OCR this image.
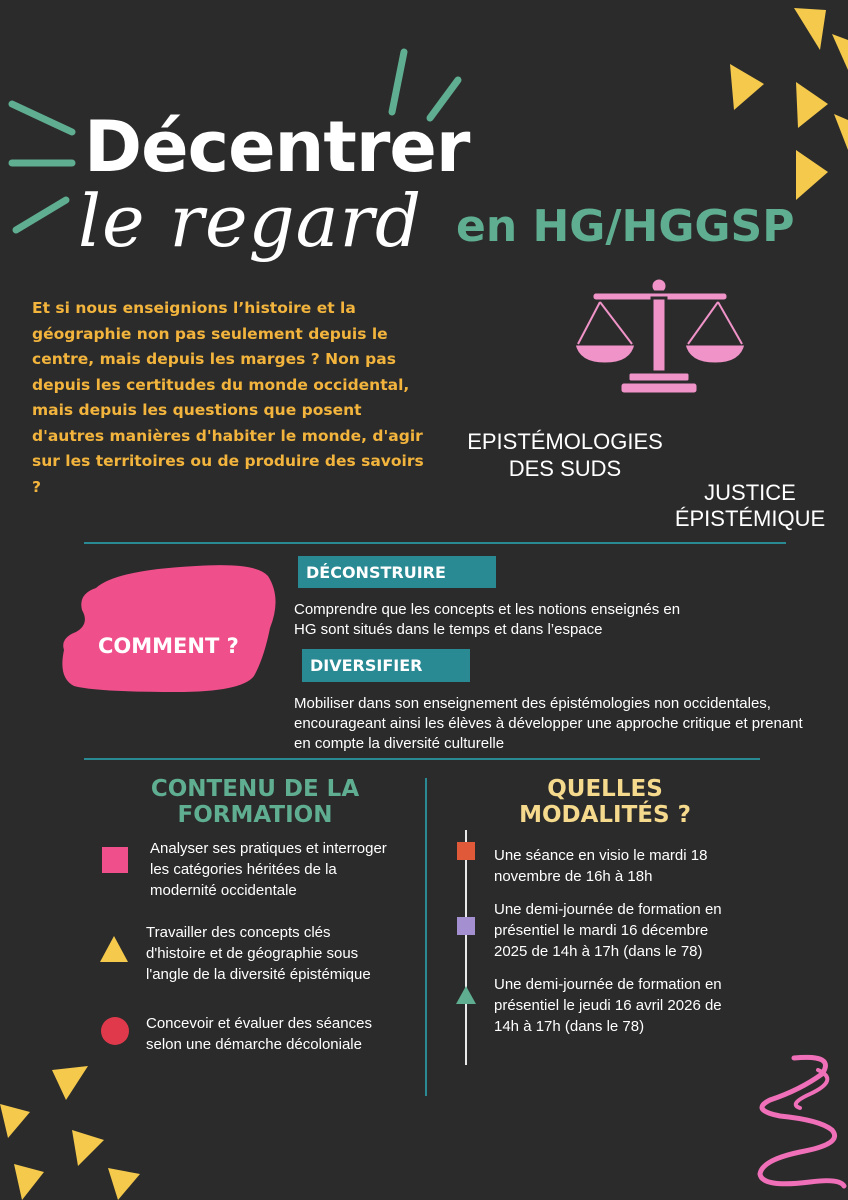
Décentrer
le regard en HG/HGGSP
Et si nous enseignions l’histoire et la géographie non pas seulement depuis le centre, mais depuis les marges ? Non pas depuis les certitudes du monde occidental, mais depuis les questions que posent d'autres manières d'habiter le monde, d'agir sur les territoires ou de produire des savoirs ?
EPISTÉMOLOGIES
DES SUDS
JUSTICE
ÉPISTÉMIQUE
COMMENT ?
DÉCONSTRUIRE
Comprendre que les concepts et les notions enseignés en
HG sont situés dans le temps et dans l’espace
DIVERSIFIER
Mobiliser dans son enseignement des épistémologies non occidentales,
encourageant ainsi les élèves à développer une approche critique et prenant
en compte la diversité culturelle
CONTENU DE LA
FORMATION
Analyser ses pratiques et interroger
les catégories héritées de la
modernité occidentale
Travailler des concepts clés
d'histoire et de géographie sous
l'angle de la diversité épistémique
Concevoir et évaluer des séances
selon une démarche décoloniale
QUELLES
MODALITÉS ?
Une séance en visio le mardi 18
novembre de 16h à 18h
Une demi-journée de formation en
présentiel le mardi 16 décembre
2025 de 14h à 17h (dans le 78)
Une demi-journée de formation en
présentiel le jeudi 16 avril 2026 de
14h à 17h (dans le 78)
